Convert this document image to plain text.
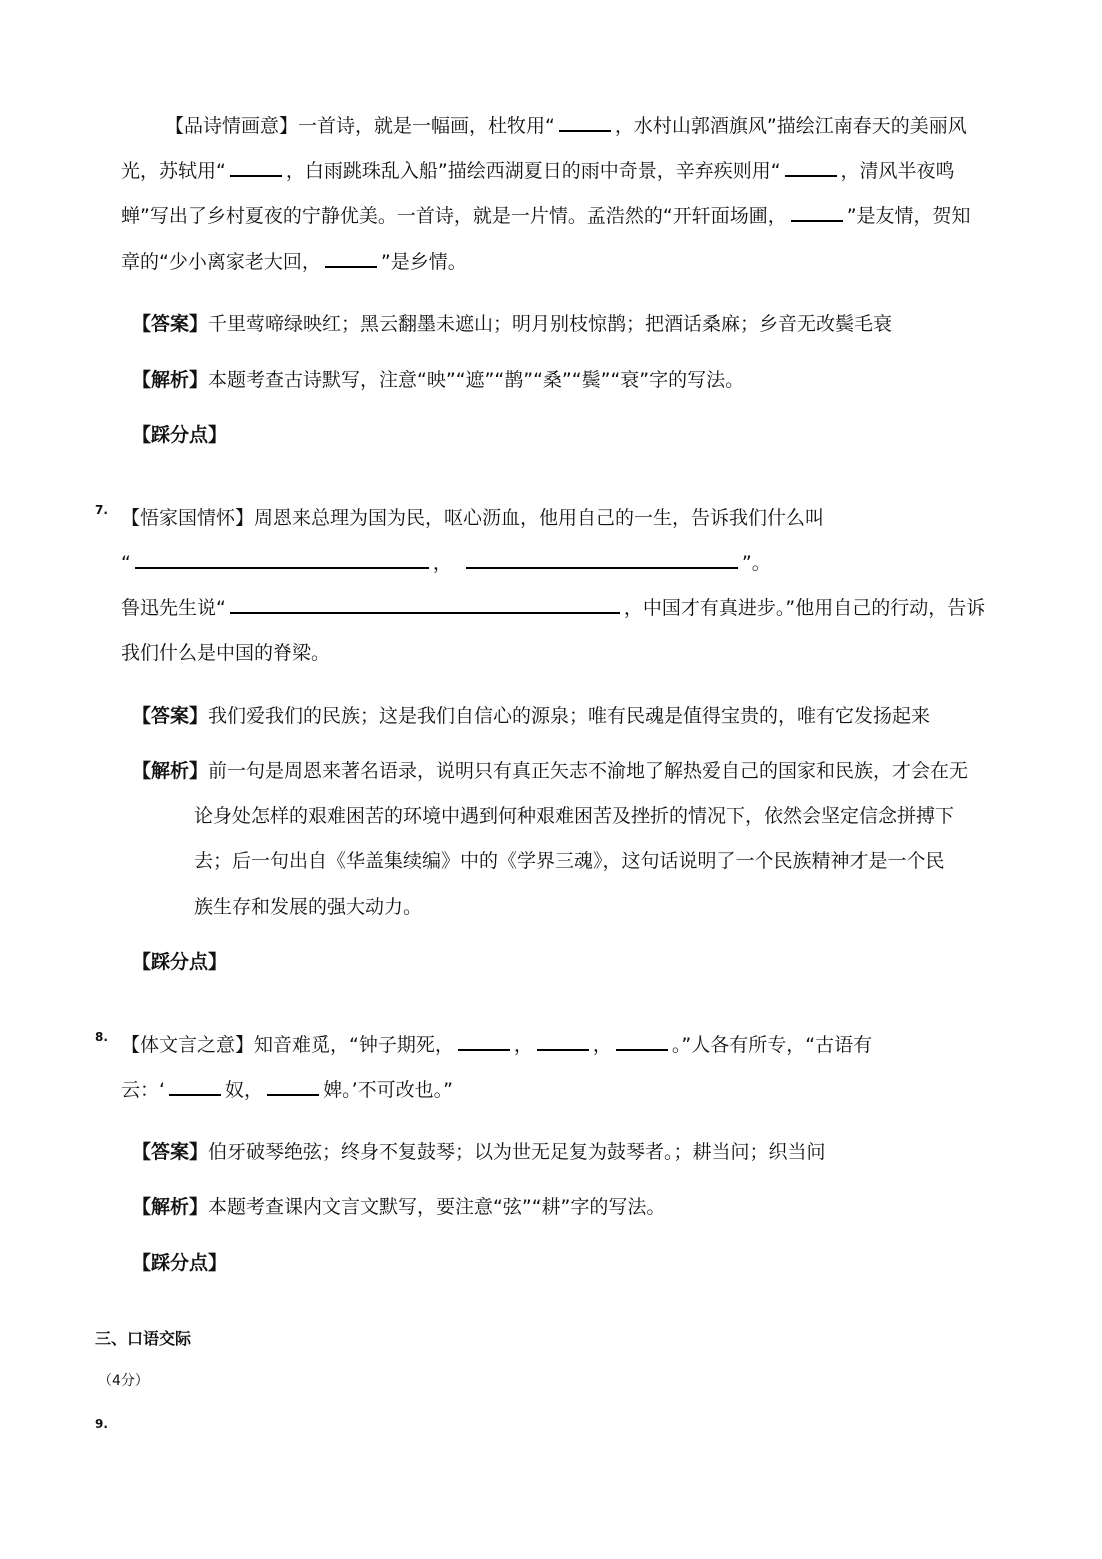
【品诗情画意】一首诗，就是一幅画，杜牧用“	，水村山郭酒旗风”描绘江南春天的美丽风
光，苏轼用“	，白雨跳珠乱入船”描绘西湖夏日的雨中奇景，辛弃疾则用“	，清风半夜鸣
蝉”写出了乡村夏夜的宁静优美。一首诗，就是一片情。孟浩然的“开轩面场圃，	”是友情，贺知
章的“少小离家老大回，	”是乡情。
【答案】千里莺啼绿映红；黑云翻墨未遮山；明月别枝惊鹊；把酒话桑麻；乡音无改鬓毛衰
【解析】本题考查古诗默写，注意“映”“遮”“鹊”“桑”“鬓”“衰”字的写法。
【踩分点】
7. 【悟家国情怀】周恩来总理为国为民，呕心沥血，他用自己的一生，告诉我们什么叫
“	，	”。
鲁迅先生说“	，中国才有真进步。”他用自己的行动，告诉
我们什么是中国的脊梁。
【答案】我们爱我们的民族；这是我们自信心的源泉；唯有民魂是值得宝贵的，唯有它发扬起来
【解析】前一句是周恩来著名语录，说明只有真正矢志不渝地了解热爱自己的国家和民族，才会在无
论身处怎样的艰难困苦的环境中遇到何种艰难困苦及挫折的情况下，依然会坚定信念拼搏下
去；后一句出自《华盖集续编》中的《学界三魂》，这句话说明了一个民族精神才是一个民
族生存和发展的强大动力。
【踩分点】
8. 【体文言之意】知音难觅，“钟子期死，	，	，	。”人各有所专，“古语有
云：‘	奴，	婢。’不可改也。”
【答案】伯牙破琴绝弦；终身不复鼓琴；以为世无足复为鼓琴者。；耕当问；织当问
【解析】本题考查课内文言文默写，要注意“弦”“耕”字的写法。
【踩分点】
三、口语交际
（4分）
9.
